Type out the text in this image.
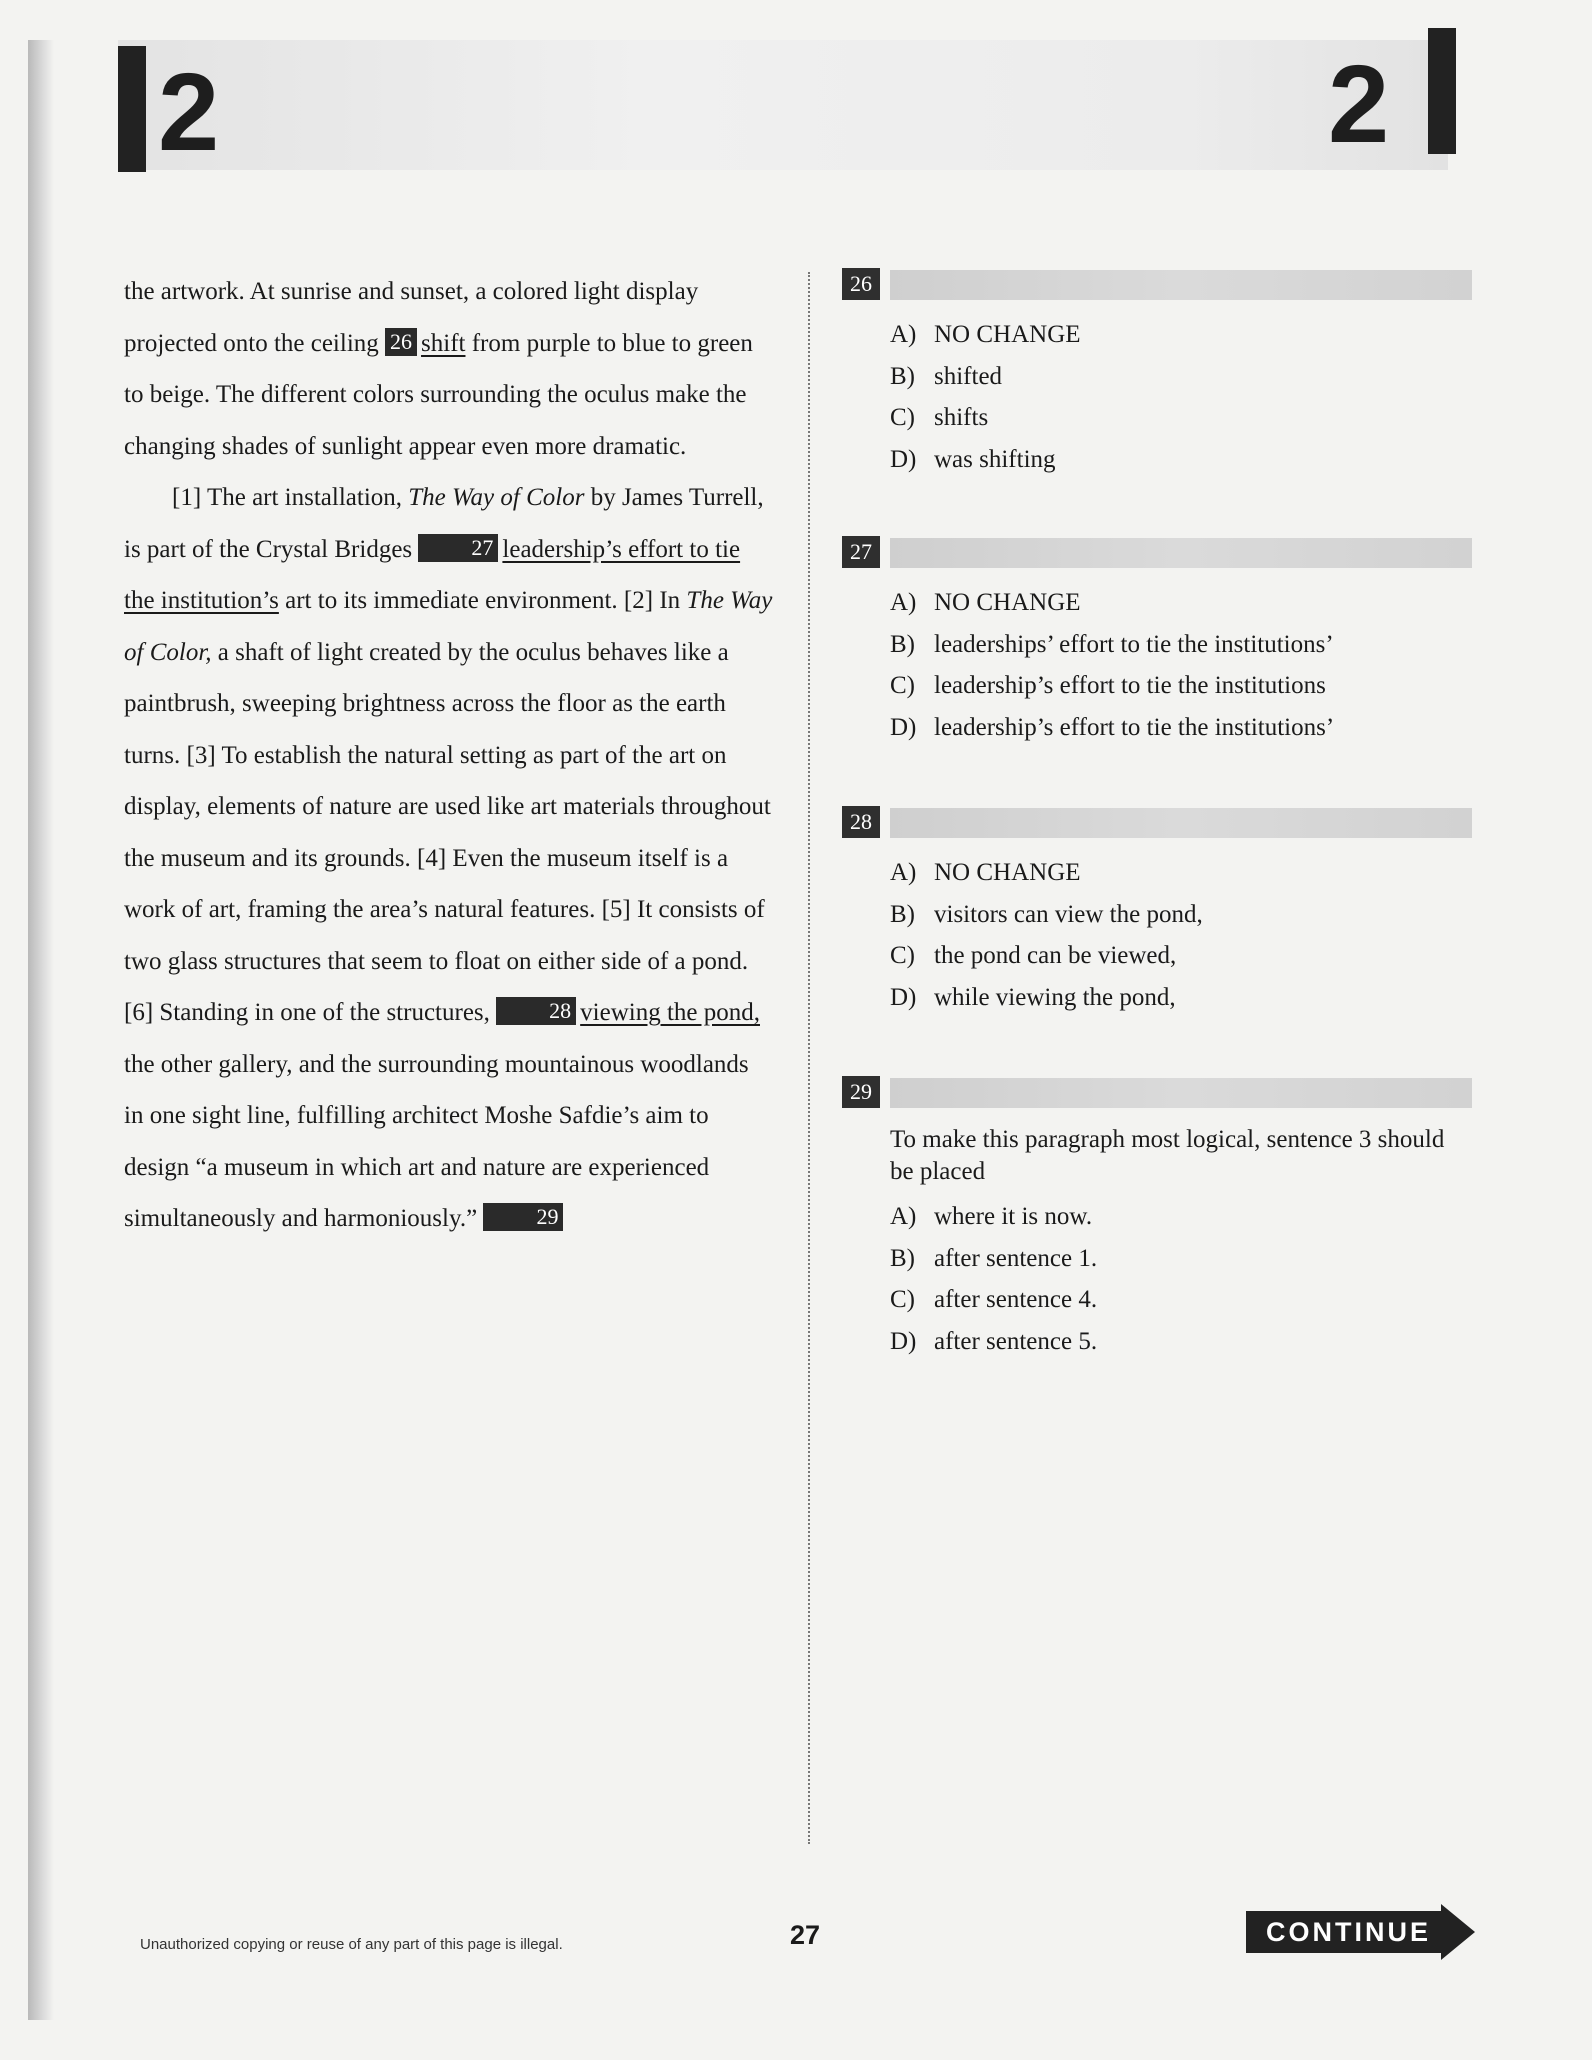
2	2

the artwork. At sunrise and sunset, a colored light display projected onto the ceiling 26 shift from purple to blue to green to beige. The different colors surrounding the oculus make the changing shades of sunlight appear even more dramatic.

[1] The art installation, The Way of Color by James Turrell, is part of the Crystal Bridges 27 leadership’s effort to tie the institution’s art to its immediate environment. [2] In The Way of Color, a shaft of light created by the oculus behaves like a paintbrush, sweeping brightness across the floor as the earth turns. [3] To establish the natural setting as part of the art on display, elements of nature are used like art materials throughout the museum and its grounds. [4] Even the museum itself is a work of art, framing the area’s natural features. [5] It consists of two glass structures that seem to float on either side of a pond. [6] Standing in one of the structures, 28 viewing the pond, the other gallery, and the surrounding mountainous woodlands in one sight line, fulfilling architect Moshe Safdie’s aim to design “a museum in which art and nature are experienced simultaneously and harmoniously.” 29

26
A) NO CHANGE
B) shifted
C) shifts
D) was shifting
27
A) NO CHANGE
B) leaderships’ effort to tie the institutions’
C) leadership’s effort to tie the institutions
D) leadership’s effort to tie the institutions’
28
A) NO CHANGE
B) visitors can view the pond,
C) the pond can be viewed,
D) while viewing the pond,
29
To make this paragraph most logical, sentence 3 should be placed
A) where it is now.
B) after sentence 1.
C) after sentence 4.
D) after sentence 5.
Unauthorized copying or reuse of any part of this page is illegal.	27	CONTINUE
